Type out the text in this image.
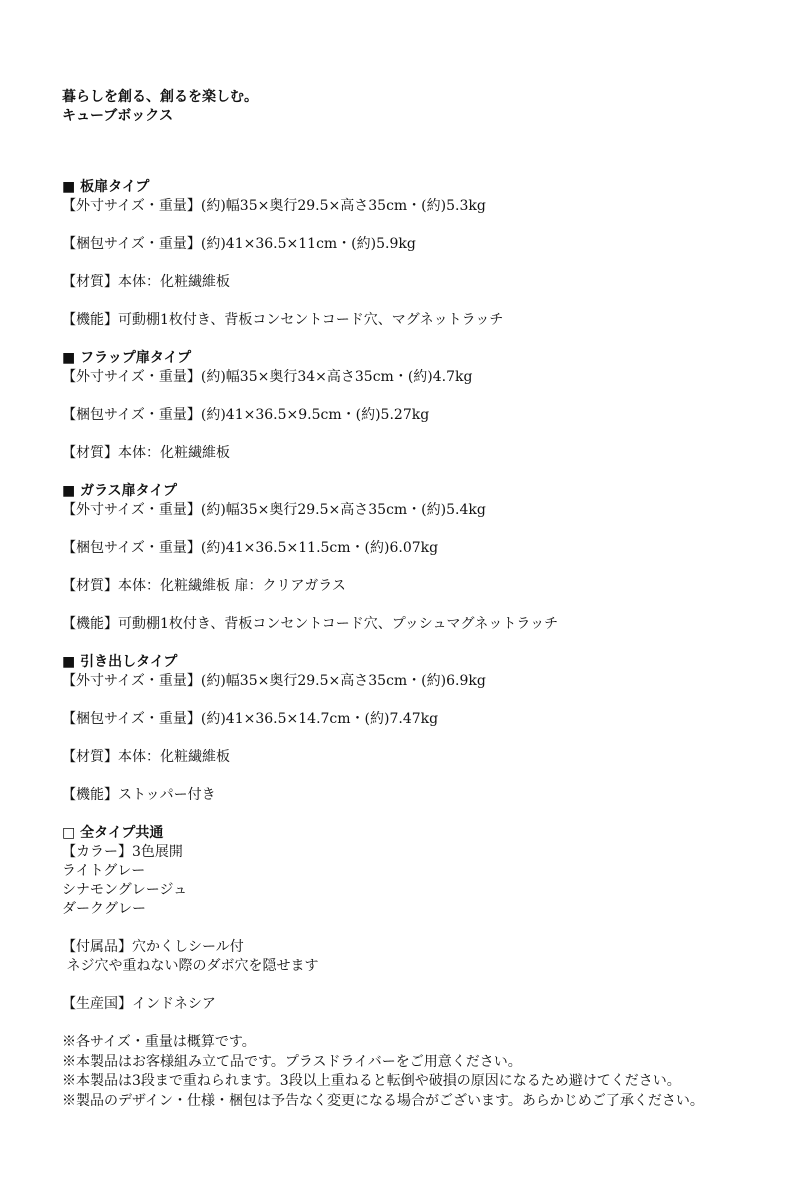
暮らしを創る、創るを楽しむ。
キューブボックス
■ 板扉タイプ
【外寸サイズ・重量】(約)幅35×奥行29.5×高さ35cm・(約)5.3kg
【梱包サイズ・重量】(約)41×36.5×11cm・(約)5.9kg
【材質】本体：化粧繊維板
【機能】可動棚1枚付き、背板コンセントコード穴、マグネットラッチ
■ フラップ扉タイプ
【外寸サイズ・重量】(約)幅35×奥行34×高さ35cm・(約)4.7kg
【梱包サイズ・重量】(約)41×36.5×9.5cm・(約)5.27kg
【材質】本体：化粧繊維板
■ ガラス扉タイプ
【外寸サイズ・重量】(約)幅35×奥行29.5×高さ35cm・(約)5.4kg
【梱包サイズ・重量】(約)41×36.5×11.5cm・(約)6.07kg
【材質】本体：化粧繊維板 扉：クリアガラス
【機能】可動棚1枚付き、背板コンセントコード穴、プッシュマグネットラッチ
■ 引き出しタイプ
【外寸サイズ・重量】(約)幅35×奥行29.5×高さ35cm・(約)6.9kg
【梱包サイズ・重量】(約)41×36.5×14.7cm・(約)7.47kg
【材質】本体：化粧繊維板
【機能】ストッパー付き
□ 全タイプ共通
【カラー】3色展開
ライトグレー
シナモングレージュ
ダークグレー
【付属品】穴かくしシール付
ネジ穴や重ねない際のダボ穴を隠せます
【生産国】インドネシア
※各サイズ・重量は概算です。
※本製品はお客様組み立て品です。プラスドライバーをご用意ください。
※本製品は3段まで重ねられます。3段以上重ねると転倒や破損の原因になるため避けてください。
※製品のデザイン・仕様・梱包は予告なく変更になる場合がございます。あらかじめご了承ください。
